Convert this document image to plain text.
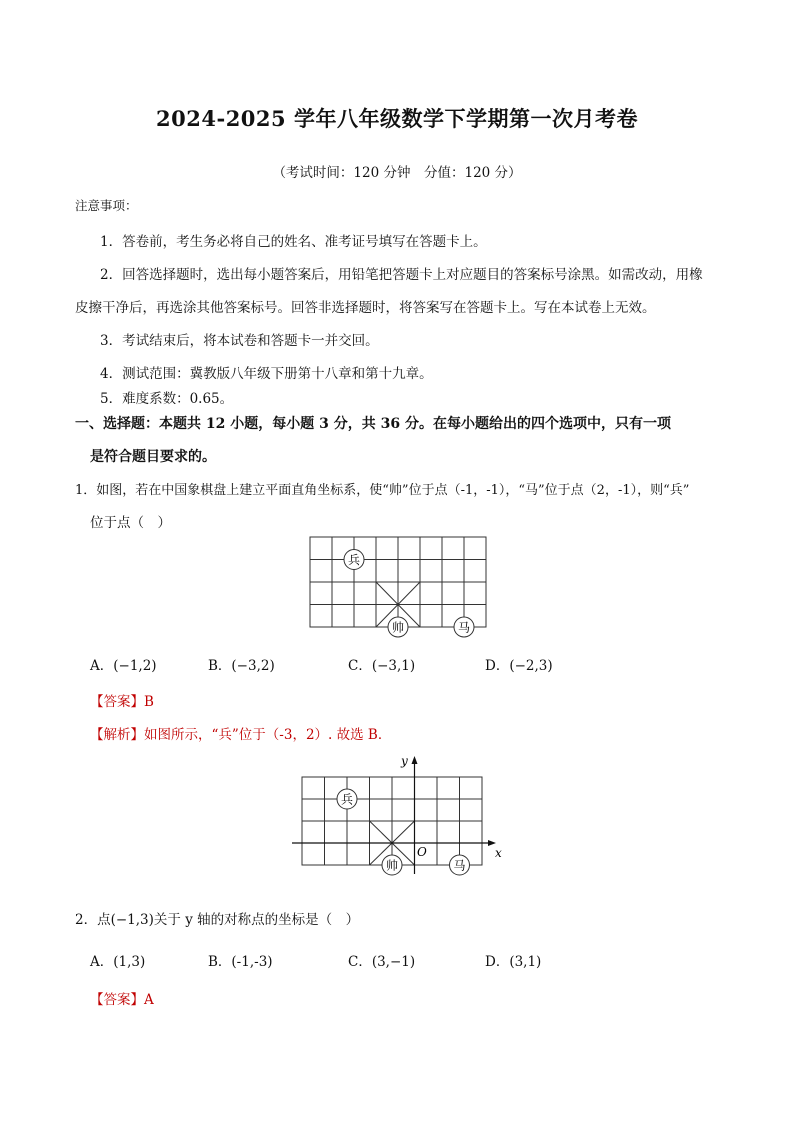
2024-2025 学年八年级数学下学期第一次月考卷
（考试时间：120 分钟　分值：120 分）
注意事项：
1．答卷前，考生务必将自己的姓名、准考证号填写在答题卡上。
2．回答选择题时，选出每小题答案后，用铅笔把答题卡上对应题目的答案标号涂黑。如需改动，用橡
皮擦干净后，再选涂其他答案标号。回答非选择题时，将答案写在答题卡上。写在本试卷上无效。
3．考试结束后，将本试卷和答题卡一并交回。
4．测试范围：冀教版八年级下册第十八章和第十九章。
5．难度系数：0.65。
一、选择题：本题共 12 小题，每小题 3 分，共 36 分。在每小题给出的四个选项中，只有一项
是符合题目要求的。
1．如图，若在中国象棋盘上建立平面直角坐标系，使“帅”位于点（-1，-1），“马”位于点（2，-1），则“兵”
位于点（　）
兵
帅	马
A．(−1,2)	B．(−3,2)	C．(−3,1)	D．(−2,3)
【答案】B
【解析】如图所示，“兵”位于（-3，2）. 故选 B．
x
y
O
兵
帅	马
2．点(−1,3)关于 y 轴的对称点的坐标是（　）
A．(1,3)	B．(-1,-3)	C．(3,−1)	D．(3,1)
【答案】A
